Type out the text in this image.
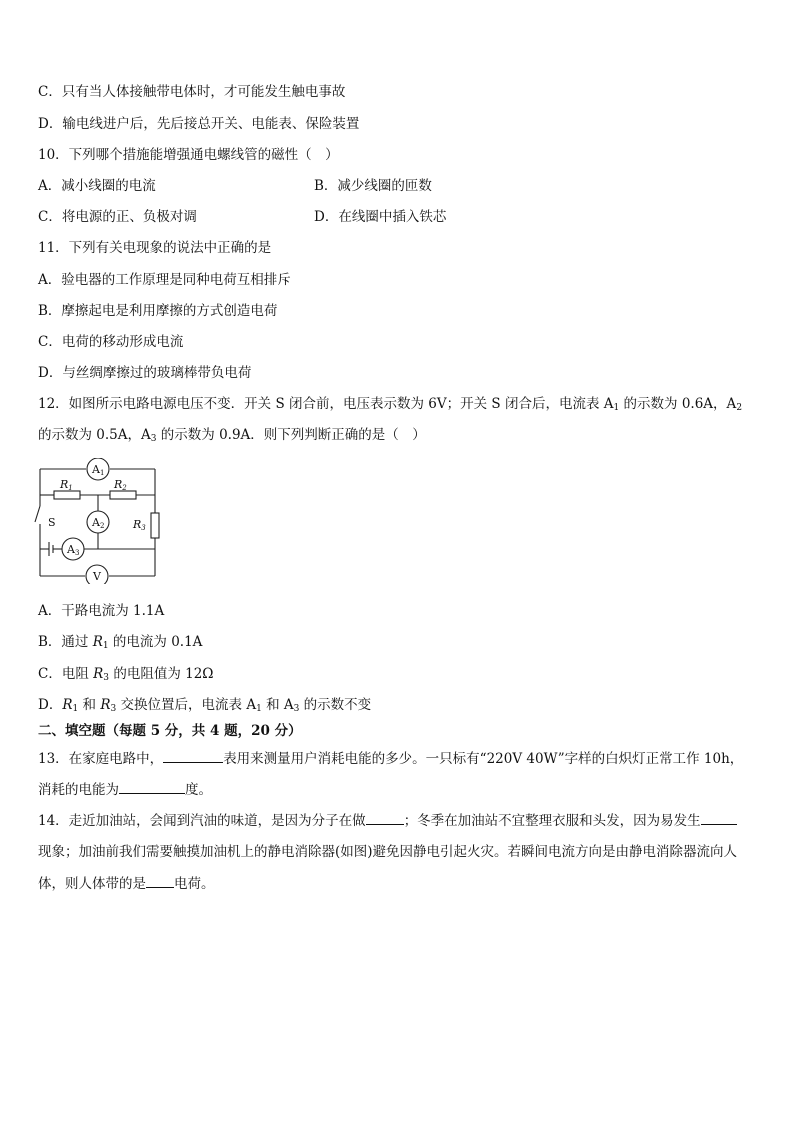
C．只有当人体接触带电体时，才可能发生触电事故
D．输电线进户后，先后接总开关、电能表、保险装置
10．下列哪个措施能增强通电螺线管的磁性（　）
A．减小线圈的电流	B．减少线圈的匝数
C．将电源的正、负极对调	D．在线圈中插入铁芯
11．下列有关电现象的说法中正确的是
A．验电器的工作原理是同种电荷互相排斥
B．摩擦起电是利用摩擦的方式创造电荷
C．电荷的移动形成电流
D．与丝绸摩擦过的玻璃棒带负电荷
12．如图所示电路电源电压不变．开关 S 闭合前，电压表示数为 6V；开关 S 闭合后，电流表 $A_1$ 的示数为 0.6A，$A_2$
的示数为 0.5A，$A_3$ 的示数为 0.9A．则下列判断正确的是（　）
A1
A2
A3
V
R1	R2
R3
S
A．干路电流为 1.1A
B．通过 $R_1$ 的电流为 0.1A
C．电阻 $R_3$ 的电阻值为 12Ω
D．$R_1$ 和 $R_3$ 交换位置后，电流表 $A_1$ 和 $A_3$ 的示数不变
二、填空题（每题 5 分，共 4 题，20 分）
13．在家庭电路中，	表用来测量用户消耗电能的多少。一只标有“220V 40W”字样的白炽灯正常工作 10h，
消耗的电能为	度。
14．走近加油站，会闻到汽油的味道，是因为分子在做	；冬季在加油站不宜整理衣服和头发，因为易发生
现象；加油前我们需要触摸加油机上的静电消除器(如图)避免因静电引起火灾。若瞬间电流方向是由静电消除器流向人
体，则人体带的是 电荷。
